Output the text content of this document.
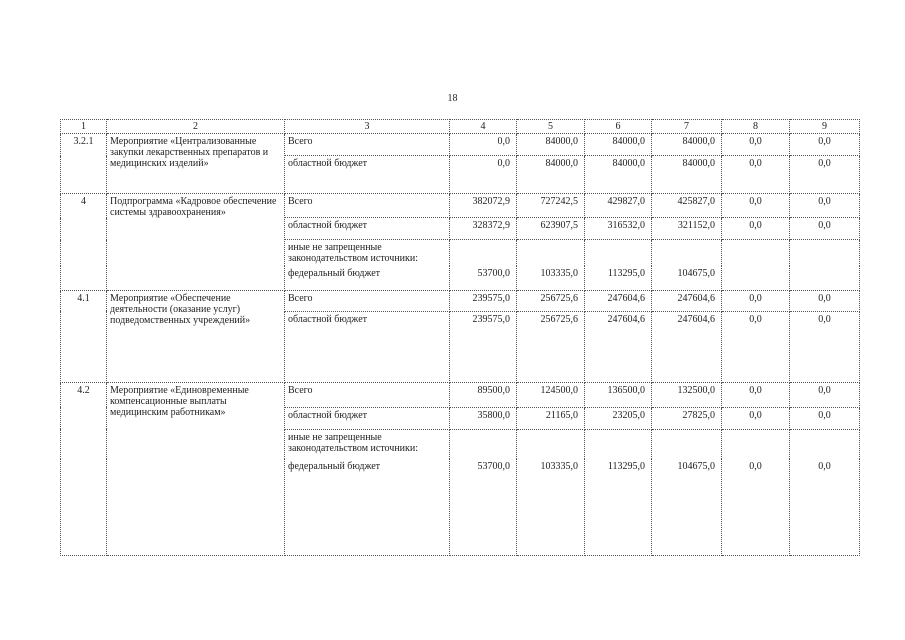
18
1	2	3	4	5	6	7	8	9
3.2.1	Мероприятие «Централизованные закупки лекарственных препаратов и медицинских изделий»	Всего	0,0	84000,0	84000,0	84000,0	0,0	0,0
		областной бюджет	0,0	84000,0	84000,0	84000,0	0,0	0,0
4	Подпрограмма «Кадровое обеспечение системы здравоохранения»	Всего	382072,9	727242,5	429827,0	425827,0	0,0	0,0
		областной бюджет	328372,9	623907,5	316532,0	321152,0	0,0	0,0
		иные не запрещенные законодательством источники:						
		федеральный бюджет	53700,0	103335,0	113295,0	104675,0		
4.1	Мероприятие «Обеспечение деятельности (оказание услуг) подведомственных учреждений»	Всего	239575,0	256725,6	247604,6	247604,6	0,0	0,0
		областной бюджет	239575,0	256725,6	247604,6	247604,6	0,0	0,0
4.2	Мероприятие «Единовременные компенсационные выплаты медицинским работникам»	Всего	89500,0	124500,0	136500,0	132500,0	0,0	0,0
		областной бюджет	35800,0	21165,0	23205,0	27825,0	0,0	0,0
		иные не запрещенные законодательством источники:						
		федеральный бюджет	53700,0	103335,0	113295,0	104675,0	0,0	0,0
